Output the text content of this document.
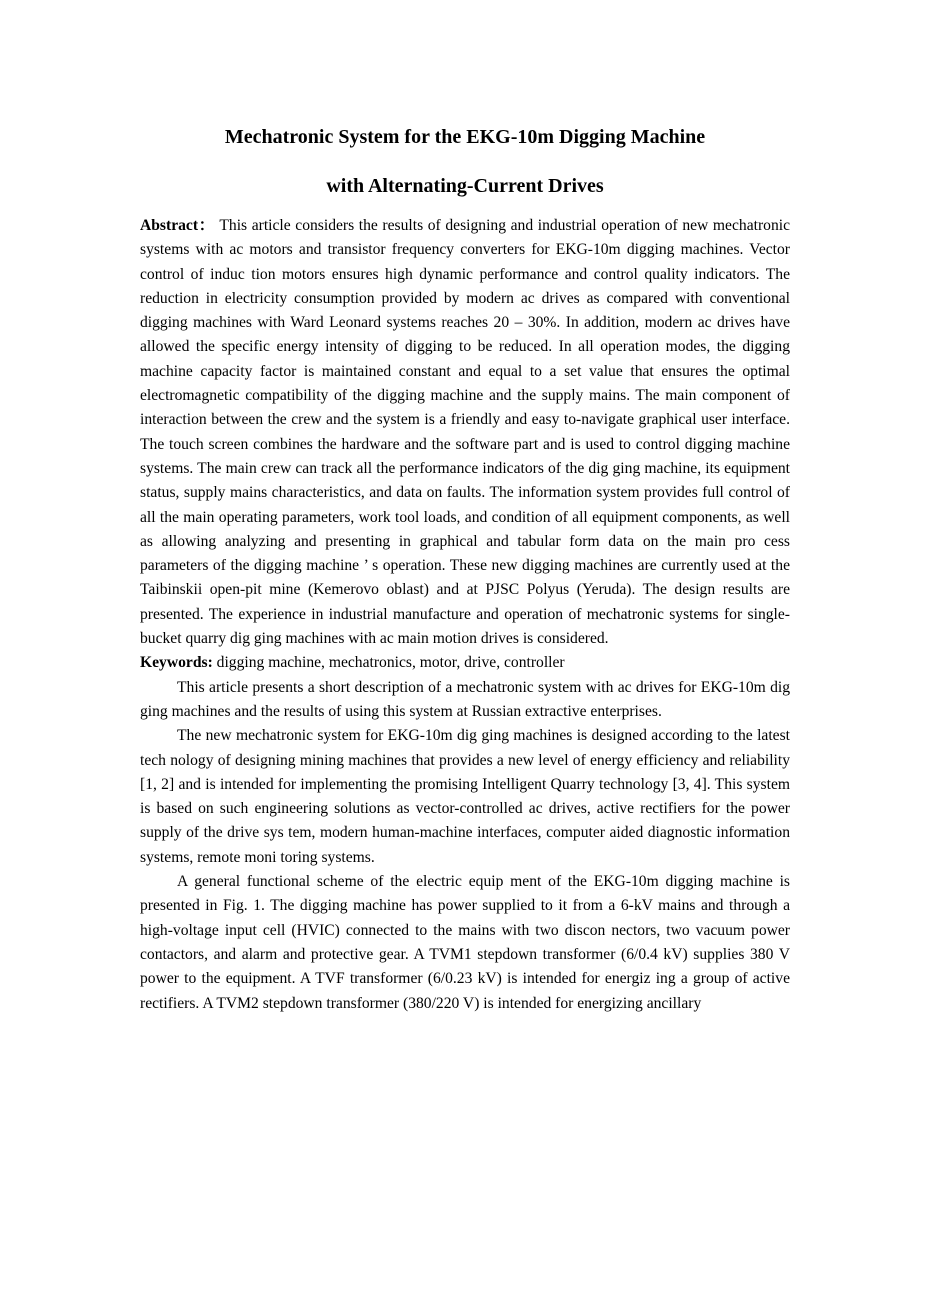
Mechatronic System for the EKG-10m Digging Machine
with Alternating-Current Drives

Abstract： This article considers the results of designing and industrial operation of new mechatronic systems with ac motors and transistor frequency converters for EKG-10m digging machines. Vector control of induc tion motors ensures high dynamic performance and control quality indicators. The reduction in electricity consumption provided by modern ac drives as compared with conventional digging machines with Ward Leonard systems reaches 20 – 30%. In addition, modern ac drives have allowed the specific energy intensity of digging to be reduced. In all operation modes, the digging machine capacity factor is maintained constant and equal to a set value that ensures the optimal electromagnetic compatibility of the digging machine and the supply mains. The main component of interaction between the crew and the system is a friendly and easy to-navigate graphical user interface. The touch screen combines the hardware and the software part and is used to control digging machine systems. The main crew can track all the performance indicators of the dig ging machine, its equipment status, supply mains characteristics, and data on faults. The information system provides full control of all the main operating parameters, work tool loads, and condition of all equipment components, as well as allowing analyzing and presenting in graphical and tabular form data on the main pro cess parameters of the digging machine ’ s operation. These new digging machines are currently used at the Taibinskii open-pit mine (Kemerovo oblast) and at PJSC Polyus (Yeruda). The design results are presented. The experience in industrial manufacture and operation of mechatronic systems for single-bucket quarry dig ging machines with ac main motion drives is considered.

Keywords: digging machine, mechatronics, motor, drive, controller

This article presents a short description of a mechatronic system with ac drives for EKG-10m dig ging machines and the results of using this system at Russian extractive enterprises.

The new mechatronic system for EKG-10m dig ging machines is designed according to the latest tech nology of designing mining machines that provides a new level of energy efficiency and reliability [1, 2] and is intended for implementing the promising Intelligent Quarry technology [3, 4]. This system is based on such engineering solutions as vector-controlled ac drives, active rectifiers for the power supply of the drive sys tem, modern human-machine interfaces, computer aided diagnostic information systems, remote moni toring systems.

A general functional scheme of the electric equip ment of the EKG-10m digging machine is presented in Fig. 1. The digging machine has power supplied to it from a 6-kV mains and through a high-voltage input cell (HVIC) connected to the mains with two discon nectors, two vacuum power contactors, and alarm and protective gear. A TVM1 stepdown transformer (6/0.4 kV) supplies 380 V power to the equipment. A TVF transformer (6/0.23 kV) is intended for energiz ing a group of active rectifiers. A TVM2 stepdown transformer (380/220 V) is intended for energizing ancillary
